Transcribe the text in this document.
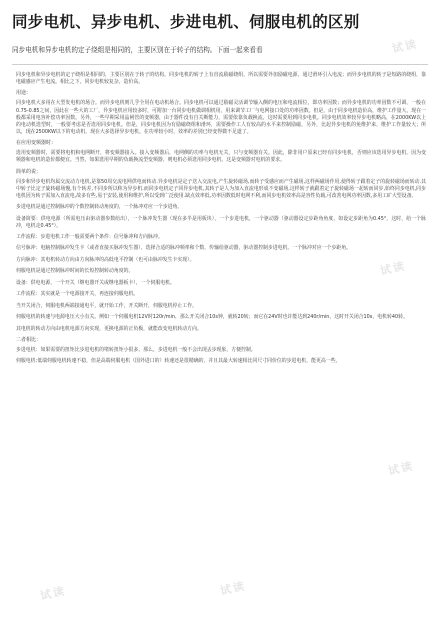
试读
试读
试读
试读
试读
同步电机、异步电机、步进电机、伺服电机的区别
同步电机和异步电机的定子绕组是相同的，主要区别在于转子的结构。下面一起来看看
同步电机和异步电机的定子绕组是相同的，主要区别在于转子的结构。同步电机的转子上有直流励磁绕组，所以需要外加励磁电源，通过滑环引入电流；而异步电机的转子是短路的绕组，靠电磁感应产生电流。相比之下，同步电机较复杂，造价高。
用途：
同步电机大多用在大型发电机的场合。而异步电机则几乎全用在电动机场合。同步电机可以通过励磁灵活调节输入侧的电压和电流相位，即功率因数；而异步电机的功率因数不可调，一般在0.75-0.85之间，因此在一些大的工厂，异步电机应用较多时，可附加一台同步电机做调相机用，用来调节工厂与电网接口处的功率因数。但是，由于同步电机造价高，维护工作量大，现在一般都采用电容补偿功率因数。另外，一些早期采用晶闸管的变频器，由于器件没有自关断能力，需要依靠负载换流，这时需要用到同步电机。同步电机效率较异步电机略高，在2000KW以上的电动机选型时，一般要考虑是否选用同步电机。但是，同步电机因为有励磁绕组和滑环，需要操作工人有较高的水平来控制励磁，另外，比起异步电机的免维护来，维护工作量较大；所以，现在2500KW以下的电动机，现在大多选择异步电机。在功率较小时，效率的差别已经变得微不足道了。
在应用变频器时：
选用变频器时，需要将电机和电网断开，将变频器接入。接入变频器后，电网侧的功率与电机无关，只与变频器有关。因此，除非用户原来已经有同步电机，否则应该选用异步电机，因为变频器和电机的造价都便宜。当然，如果选用早期的负载换流型变频器，则电机必须选用同步电机，这是变频器对电机的要求。
简单的说：
同步和异步电机均属交流动力电机,是靠50周交流电网供电而转动.异步电机是定子送入交流电,产生旋转磁场,而转子受感应而产生磁场,这样两磁场作用,使得转子跟着定子的旋转磁场而转动.其中转子比定子旋转磁场慢,有个转差,不同步所以称为异步机.而同步电机定子同异步电机,其转子是人为加入直流电形成不变磁场,这样转子就跟着定子旋转磁场一起转而同步,始终同步电机,同步电机因为转子需加入直流电,故多有些,易于安装,使用和维护,所以受到广泛使用.缺点效率低,功率因数低时电网不利,而同步电机效率高是容性负载,可改善电网功率因数,多用工矿大型设备。
步进电机是通过控制脉冲的个数控制转动角度的，一个脉冲对应一个步进角。
设备简要：供电电源（所需电压由驱动器参数给出），一个脉冲发生器（现在多半是用板块），一个步进电机，一个驱动器（驱动器设定步距角角度，如设定步距角为0.45°，这时，给一个脉冲，电机走0.45°）。
工作流程：步进电机工作一般需要两个条件：信号脉冲和方向脉冲。
信号脉冲：电脑控制脉冲发生卡（或者直接买脉冲发生器），选择合适的脉冲频率和个数，传输给驱动器，驱动器控制步进电机，一个脉冲对应一个步距角。
方向脉冲：其电机转动方向由方向脉冲的高低电平控制（也可由脉冲发生卡实现）。
伺服电机是通过控制脉冲时间的长短控制转动角度的。
设备：供电电源，一个开关（继电器开关或继电器板卡），一个伺服电机。
工作流程：其实就是一个电源接开关，再连接伺服电机。
当开关闭合，伺服电机两端接通电平，就开始工作，开关断开，伺服电机停止工作。
伺服电机的转速与电源电压大小有关。例如一个伺服电机12V时120r/min，那么开关闭合10s钟，就转20转；而它在24V时也许能达到240r/min，这时开关闭合10s，电机转40转。
其电机的转动方向由电机电源方向实现，更换电源的正负极，就能改变电机转动方向。
二者相比：
步进电机：如果需要的扭矩比步进电机的堵转扭矩小很多，那么，步进电机一般不会出现丢步现象，方便控制。
伺服电机:低端伺服电机转速不稳，但是高端伺服电机（国外进口的）转速还是很精确的，并且其最大转速相比同尺寸同价位的步进电机，能更高一些。
